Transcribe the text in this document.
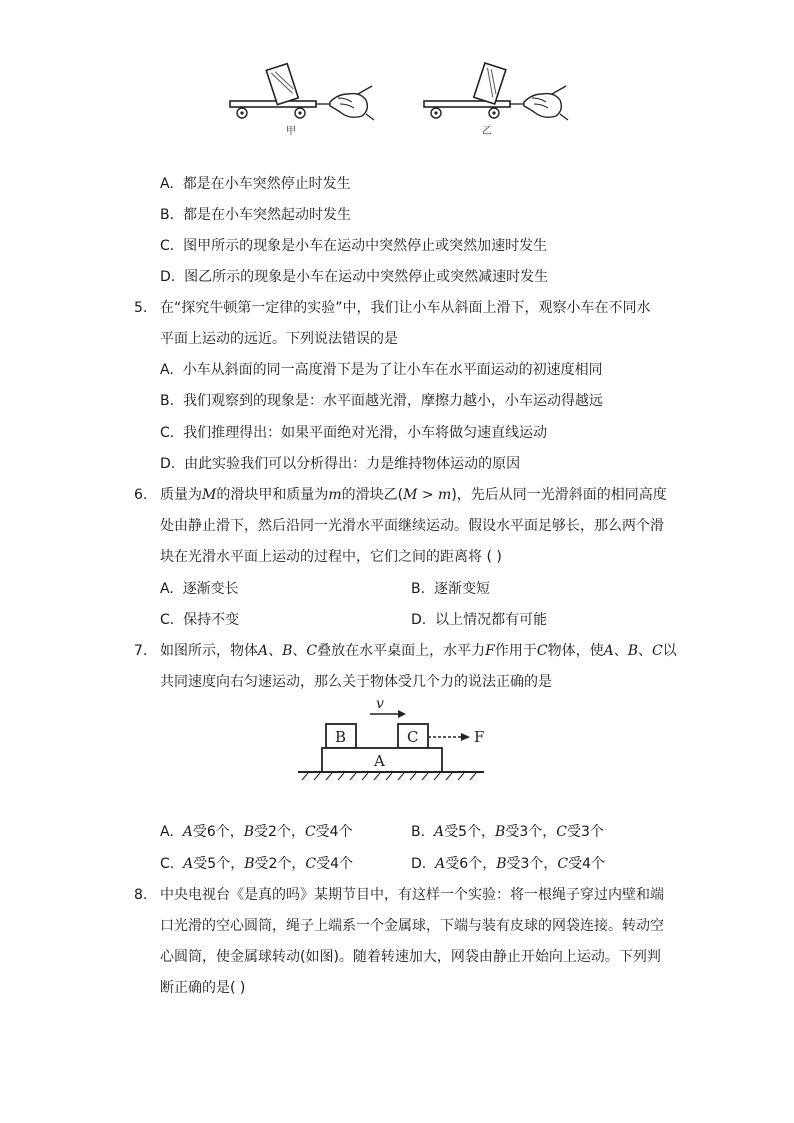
甲	乙
A. 都是在小车突然停止时发生
B. 都是在小车突然起动时发生
C. 图甲所示的现象是小车在运动中突然停止或突然加速时发生
D. 图乙所示的现象是小车在运动中突然停止或突然减速时发生
5. 在“探究牛顿第一定律的实验”中，我们让小车从斜面上滑下，观察小车在不同水
平面上运动的远近。下列说法错误的是
A. 小车从斜面的同一高度滑下是为了让小车在水平面运动的初速度相同
B. 我们观察到的现象是：水平面越光滑，摩擦力越小，小车运动得越远
C. 我们推理得出：如果平面绝对光滑，小车将做匀速直线运动
D. 由此实验我们可以分析得出：力是维持物体运动的原因
6. 质量为M的滑块甲和质量为m的滑块乙(M > m)，先后从同一光滑斜面的相同高度
处由静止滑下，然后沿同一光滑水平面继续运动。假设水平面足够长，那么两个滑
块在光滑水平面上运动的过程中，它们之间的距离将 ( )
A. 逐渐变长	B. 逐渐变短
C. 保持不变	D. 以上情况都有可能
7. 如图所示，物体A、B、C叠放在水平桌面上，水平力F作用于C物体，使A、B、C以
共同速度向右匀速运动，那么关于物体受几个力的说法正确的是
v
B	C	F
A
A. A受6个，B受2个，C受4个	B. A受5个，B受3个，C受3个
C. A受5个，B受2个，C受4个	D. A受6个，B受3个，C受4个
8. 中央电视台《是真的吗》某期节目中，有这样一个实验：将一根绳子穿过内壁和端
口光滑的空心圆筒，绳子上端系一个金属球，下端与装有皮球的网袋连接。转动空
心圆筒，使金属球转动(如图)。随着转速加大，网袋由静止开始向上运动。下列判
断正确的是( )
